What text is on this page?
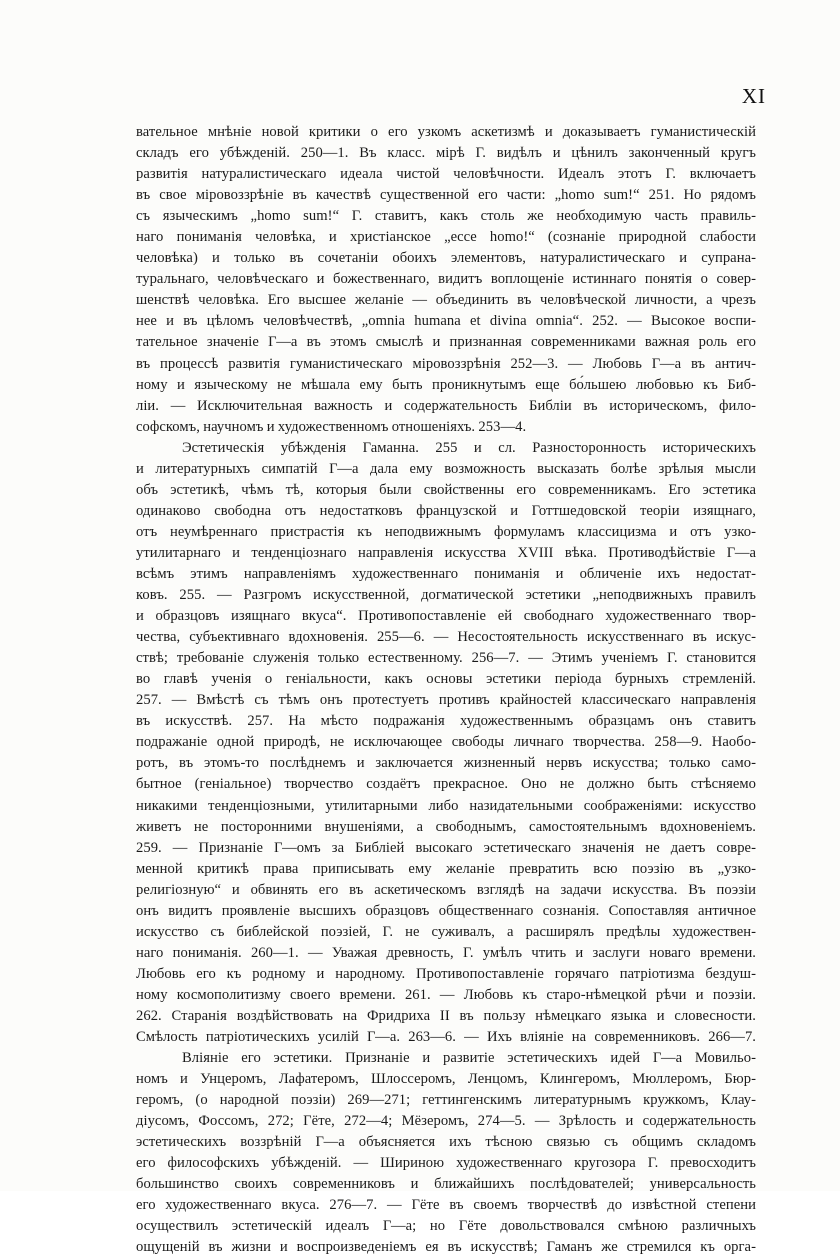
XI
вательное мнѣніе новой критики о его узкомъ аскетизмѣ и доказываетъ гуманистическій
складъ его убѣжденій. 250—1. Въ класс. мірѣ Г. видѣлъ и цѣнилъ законченный кругъ
развитія натуралистическаго идеала чистой человѣчности. Идеалъ этотъ Г. включаетъ
въ свое міровоззрѣніе въ качествѣ существенной его части: „homo sum!“ 251. Но рядомъ
съ языческимъ „homo sum!“ Г. ставитъ, какъ столь же необходимую часть правиль-
наго пониманія человѣка, и христіанское „ecce homo!“ (сознаніе природной слабости
человѣка) и только въ сочетаніи обоихъ элементовъ, натуралистическаго и супрана-
туральнаго, человѣческаго и божественнаго, видитъ воплощеніе истиннаго понятія о совер-
шенствѣ человѣка. Его высшее желаніе — объединить въ человѣческой личности, а чрезъ
нее и въ цѣломъ человѣчествѣ, „omnia humana et divina omnia“. 252. — Высокое воспи-
тательное значеніе Г—а въ этомъ смыслѣ и признанная современниками важная роль его
въ процессѣ развитія гуманистическаго міровоззрѣнія 252—3. — Любовь Г—а въ антич-
ному и языческому не мѣшала ему быть проникнутымъ еще бо́льшею любовью къ Биб-
ліи. — Исключительная важность и содержательность Библіи въ историческомъ, фило-
софскомъ, научномъ и художественномъ отношеніяхъ. 253—4.
Эстетическія убѣжденія Гаманна. 255 и сл. Разносторонность историческихъ
и литературныхъ симпатій Г—а дала ему возможность высказать болѣе зрѣлыя мысли
объ эстетикѣ, чѣмъ тѣ, которыя были свойственны его современникамъ. Его эстетика
одинаково свободна отъ недостатковъ французской и Готтшедовской теоріи изящнаго,
отъ неумѣреннаго пристрастія къ неподвижнымъ формуламъ классицизма и отъ узко-
утилитарнаго и тенденціознаго направленія искусства XVIII вѣка. Противодѣйствіе Г—а
всѣмъ этимъ направленіямъ художественнаго пониманія и обличеніе ихъ недостат-
ковъ. 255. — Разгромъ искусственной, догматической эстетики „неподвижныхъ правилъ
и образцовъ изящнаго вкуса“. Противопоставленіе ей свободнаго художественнаго твор-
чества, субъективнаго вдохновенія. 255—6. — Несостоятельность искусственнаго въ искус-
ствѣ; требованіе служенія только естественному. 256—7. — Этимъ ученіемъ Г. становится
во главѣ ученія о геніальности, какъ основы эстетики періода бурныхъ стремленій.
257. — Вмѣстѣ съ тѣмъ онъ протестуетъ противъ крайностей классическаго направленія
въ искусствѣ. 257. На мѣсто подражанія художественнымъ образцамъ онъ ставитъ
подражаніе одной природѣ, не исключающее свободы личнаго творчества. 258—9. Наобо-
ротъ, въ этомъ-то послѣднемъ и заключается жизненный нервъ искусства; только само-
бытное (геніальное) творчество создаётъ прекрасное. Оно не должно быть стѣсняемо
никакими тенденціозными, утилитарными либо назидательными соображеніями: искусство
живетъ не посторонними внушеніями, а свободнымъ, самостоятельнымъ вдохновеніемъ.
259. — Признаніе Г—омъ за Библіей высокаго эстетическаго значенія не даетъ совре-
менной критикѣ права приписывать ему желаніе превратить всю поэзію въ „узко-
религіозную“ и обвинять его въ аскетическомъ взглядѣ на задачи искусства. Въ поэзіи
онъ видитъ проявленіе высшихъ образцовъ общественнаго сознанія. Сопоставляя античное
искусство съ библейской поэзіей, Г. не суживалъ, а расширялъ предѣлы художествен-
наго пониманія. 260—1. — Уважая древность, Г. умѣлъ чтить и заслуги новаго времени.
Любовь его къ родному и народному. Противопоставленіе горячаго патріотизма бездуш-
ному космополитизму своего времени. 261. — Любовь къ старо-нѣмецкой рѣчи и поэзіи.
262. Старанія воздѣйствовать на Фридриха II въ пользу нѣмецкаго языка и словесности.
Смѣлость патріотическихъ усилій Г—а. 263—6. — Ихъ вліяніе на современниковъ. 266—7.
Вліяніе его эстетики. Признаніе и развитіе эстетическихъ идей Г—а Мовильо-
номъ и Унцеромъ, Лафатеромъ, Шлоссеромъ, Ленцомъ, Клингеромъ, Мюллеромъ, Бюр-
геромъ, (о народной поэзіи) 269—271; геттингенскимъ литературнымъ кружкомъ, Клау-
діусомъ, Фоссомъ, 272; Гёте, 272—4; Мёзеромъ, 274—5. — Зрѣлость и содержательность
эстетическихъ воззрѣній Г—а объясняется ихъ тѣсною связью съ общимъ складомъ
его философскихъ убѣжденій. — Шириною художественнаго кругозора Г. превосходитъ
большинство своихъ современниковъ и ближайшихъ послѣдователей; универсальность
его художественнаго вкуса. 276—7. — Гёте въ своемъ творчествѣ до извѣстной степени
осуществилъ эстетическій идеалъ Г—а; но Гёте довольствовался смѣною различныхъ
ощущеній въ жизни и воспроизведеніемъ ея въ искусствѣ; Гаманъ же стремился къ орга-
